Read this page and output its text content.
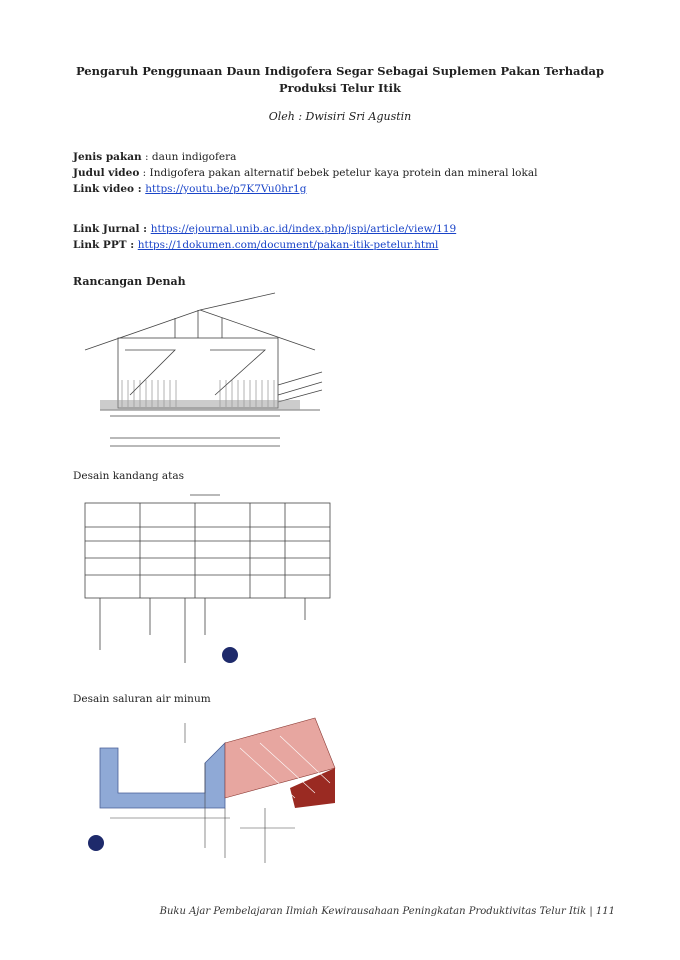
Pengaruh Penggunaan Daun Indigofera Segar Sebagai Suplemen Pakan Terhadap Produksi Telur Itik
Oleh : Dwisiri Sri Agustin
Jenis pakan : daun indigofera
Judul video : Indigofera pakan alternatif bebek petelur kaya protein dan mineral lokal
Link video : https://youtu.be/p7K7Vu0hr1g
Link Jurnal : https://ejournal.unib.ac.id/index.php/jspi/article/view/119
Link PPT : https://1dokumen.com/document/pakan-itik-petelur.html
Rancangan Denah
Desain kandang atas
Desain saluran air minum
Buku Ajar Pembelajaran Ilmiah Kewirausahaan Peningkatan Produktivitas Telur Itik | 111
